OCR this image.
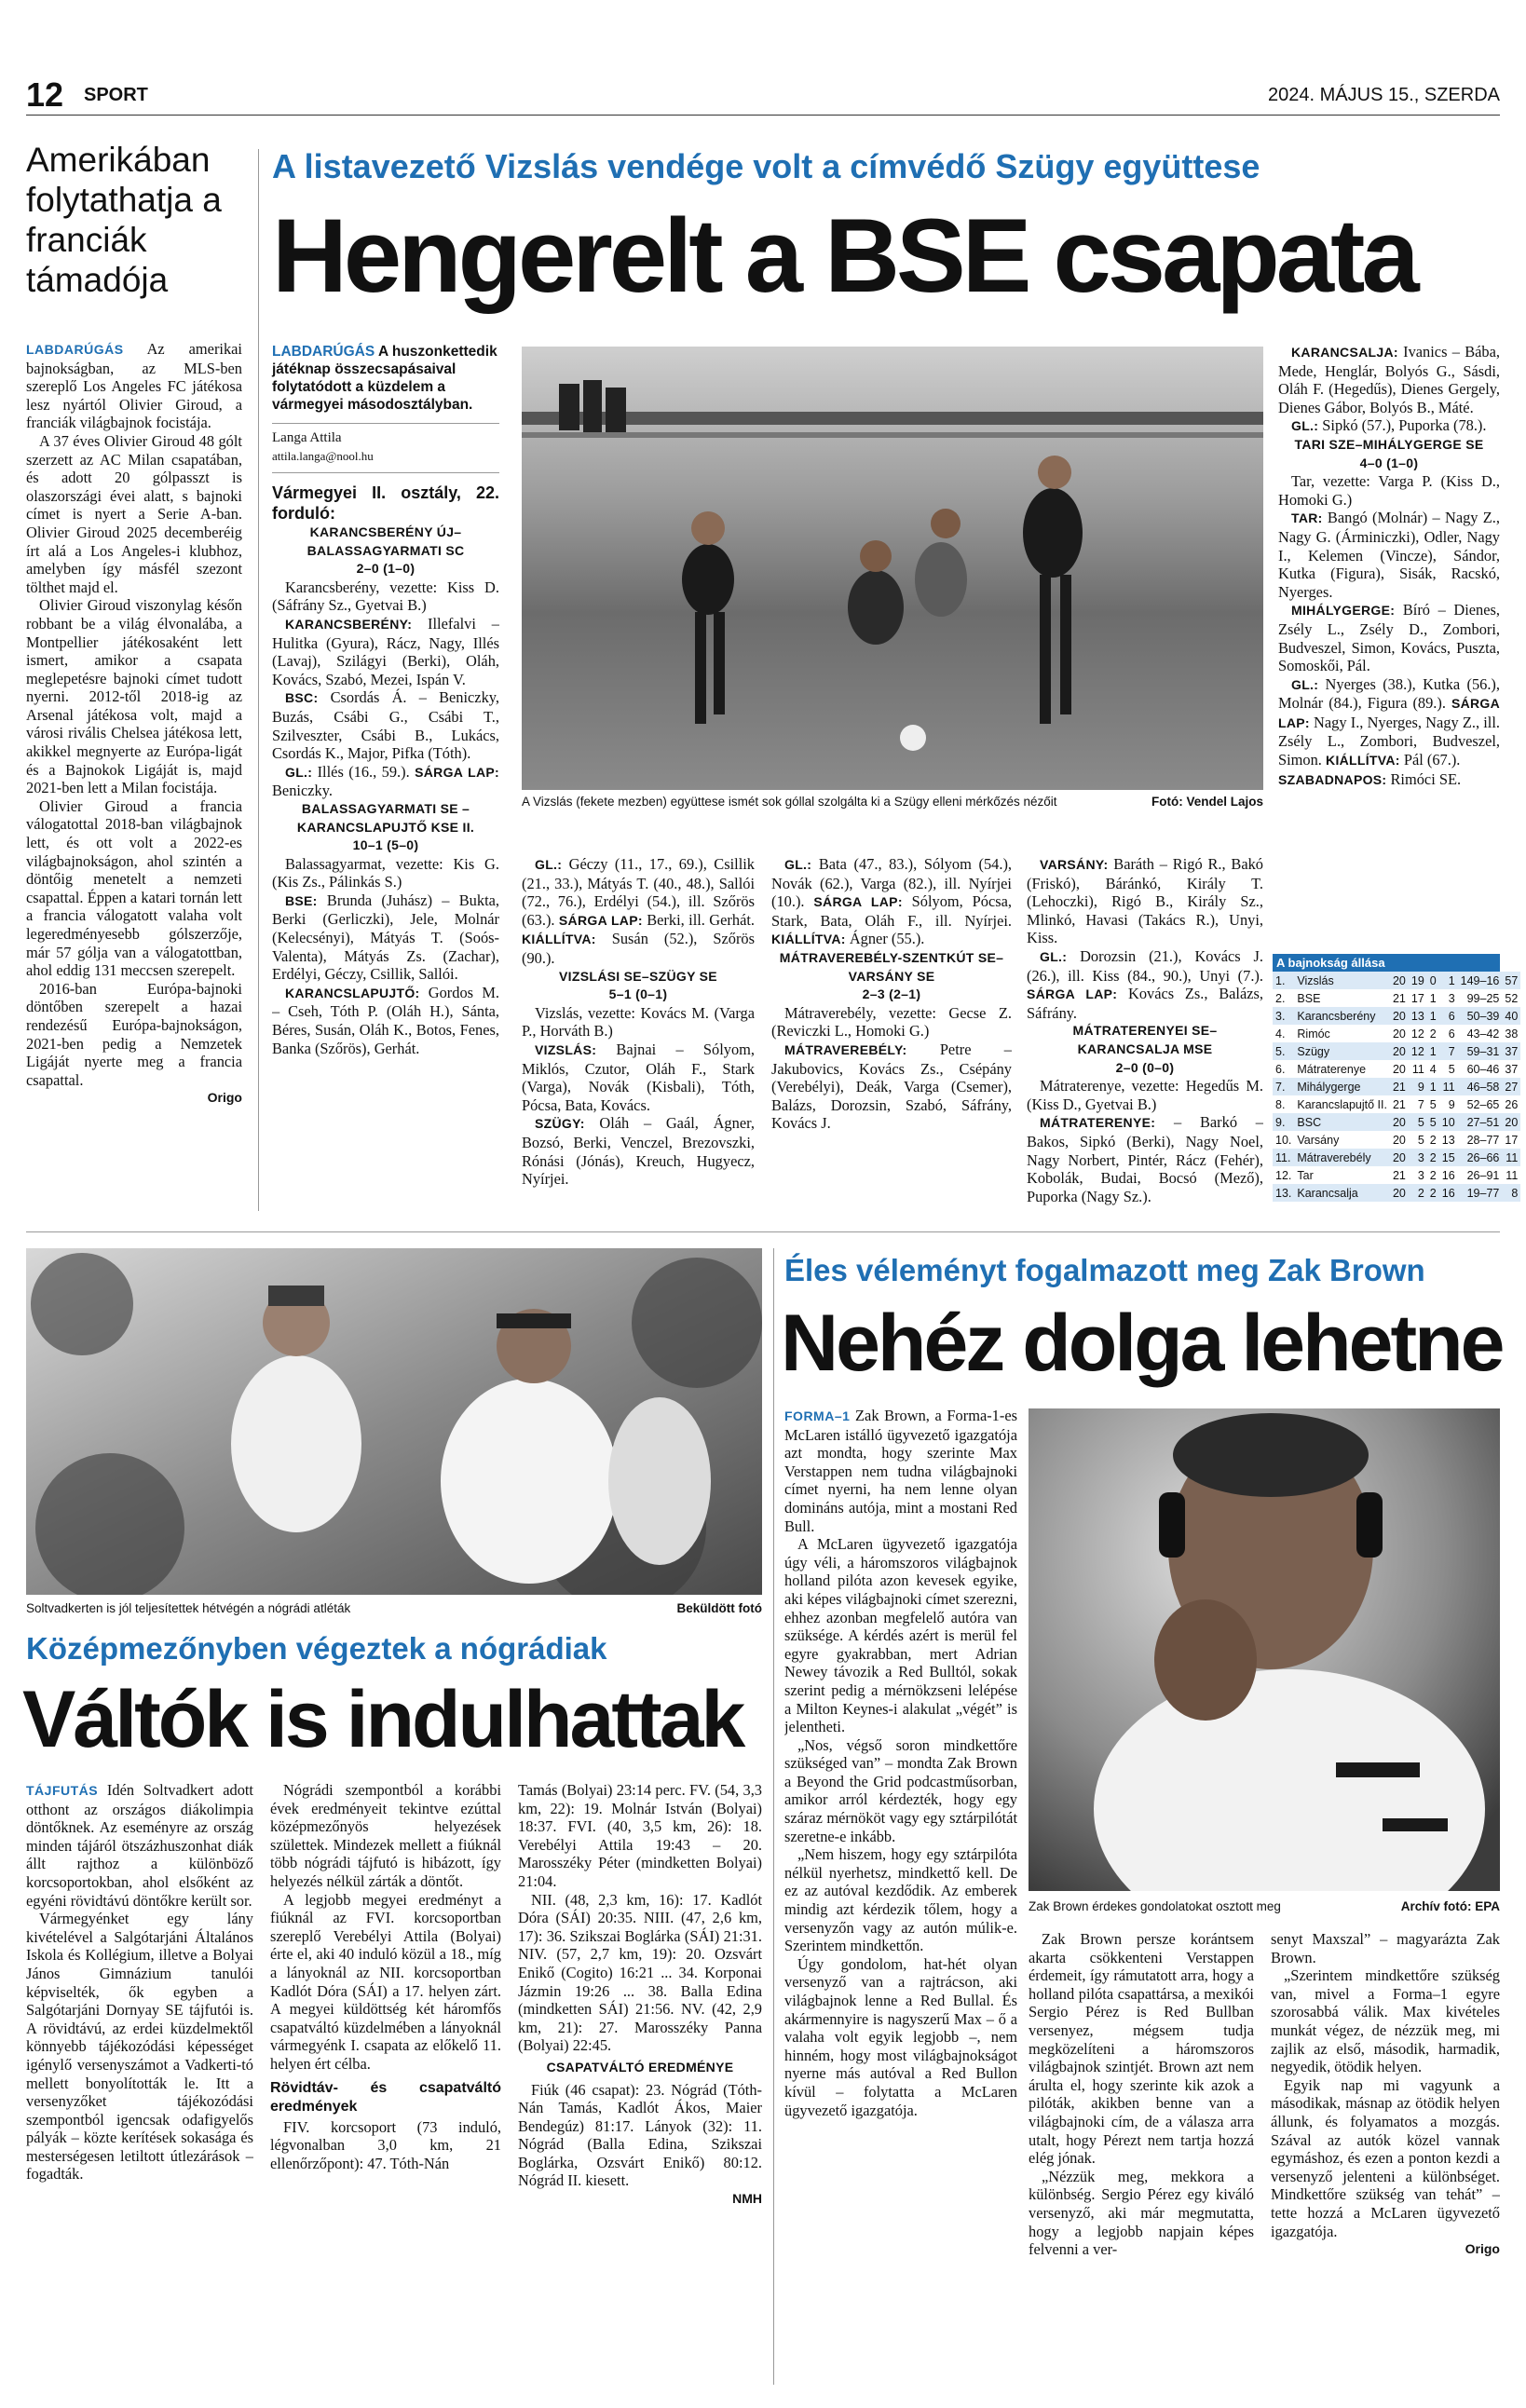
12 SPORT	2024. MÁJUS 15., SZERDA
Amerikában folytathatja a franciák támadója

LABDARÚGÁS Az amerikai bajnokságban, az MLS-ben szereplő Los Angeles FC játékosa lesz nyártól Olivier Giroud, a franciák világbajnok focistája.

A 37 éves Olivier Giroud 48 gólt szerzett az AC Milan csapatában, és adott 20 gólpasszt is olaszországi évei alatt, s bajnoki címet is nyert a Serie A-ban. Olivier Giroud 2025 decemberéig írt alá a Los Angeles-i klubhoz, amelyben így másfél szezont tölthet majd el.

Olivier Giroud viszonylag későn robbant be a világ élvonalába, a Montpellier játékosaként lett ismert, amikor a csapata meglepetésre bajnoki címet tudott nyerni. 2012-től 2018-ig az Arsenal játékosa volt, majd a városi rivális Chelsea játékosa lett, akikkel megnyerte az Európa-ligát és a Bajnokok Ligáját is, majd 2021-ben lett a Milan focistája.

Olivier Giroud a francia válogatottal 2018-ban világbajnok lett, és ott volt a 2022-es világbajnokságon, ahol szintén a döntőig menetelt a nemzeti csapattal. Éppen a katari tornán lett a francia válogatott valaha volt legeredményesebb gólszerzője, már 57 gólja van a válogatottban, ahol eddig 131 meccsen szerepelt.

2016-ban Európa-bajnoki döntőben szerepelt a hazai rendezésű Európa-bajnokságon, 2021-ben pedig a Nemzetek Ligáját nyerte meg a francia csapattal.

Origo
A listavezető Vizslás vendége volt a címvédő Szügy együttese
Hengerelt a BSE csapata
LABDARÚGÁS A huszonkettedik játéknap összecsapásaival folytatódott a küzdelem a vármegyei másodosztályban.
Langa Attila
attila.langa@nool.hu
Vármegyei II. osztály, 22. forduló:
KARANCSBERÉNY ÚJ– BALASSAGYARMATI SC
2–0 (1–0)

Karancsberény, vezette: Kiss D. (Sáfrány Sz., Gyetvai B.)

KARANCSBERÉNY: Illefalvi – Hulitka (Gyura), Rácz, Nagy, Illés (Lavaj), Szilágyi (Berki), Oláh, Kovács, Szabó, Mezei, Ispán V.

BSC: Csordás Á. – Beniczky, Buzás, Csábi G., Csábi T., Szilveszter, Csábi B., Lukács, Csordás K., Major, Pifka (Tóth).

GL.: Illés (16., 59.). SÁRGA LAP: Beniczky.

BALASSAGYARMATI SE – KARANCSLAPUJTŐ KSE II.
10–1 (5–0)

Balassagyarmat, vezette: Kis G. (Kis Zs., Pálinkás S.)

BSE: Brunda (Juhász) – Bukta, Berki (Gerliczki), Jele, Molnár (Kelecsényi), Mátyás T. (Soós-Valenta), Mátyás Zs. (Zachar), Erdélyi, Géczy, Csillik, Sallói.

KARANCSLAPUJTŐ: Gordos M. – Cseh, Tóth P. (Oláh H.), Sánta, Béres, Susán, Oláh K., Botos, Fenes, Banka (Szőrös), Gerhát.

A Vizslás (fekete mezben) együttese ismét sok góllal szolgálta ki a Szügy elleni mérkőzés nézőit	Fotó: Vendel Lajos

GL.: Géczy (11., 17., 69.), Csillik (21., 33.), Mátyás T. (40., 48.), Sallói (72., 76.), Erdélyi (54.), ill. Szőrös (63.). SÁRGA LAP: Berki, ill. Gerhát. KIÁLLÍTVA: Susán (52.), Szőrös (90.).

VIZSLÁSI SE–SZÜGY SE
5–1 (0–1)

Vizslás, vezette: Kovács M. (Varga P., Horváth B.)

VIZSLÁS: Bajnai – Sólyom, Miklós, Czutor, Oláh F., Stark (Varga), Novák (Kisbali), Tóth, Pócsa, Bata, Kovács.

SZÜGY: Oláh – Gaál, Ágner, Bozsó, Berki, Venczel, Brezovszki, Rónási (Jónás), Kreuch, Hugyecz, Nyírjei.

GL.: Bata (47., 83.), Sólyom (54.), Novák (62.), Varga (82.), ill. Nyírjei (10.). SÁRGA LAP: Sólyom, Pócsa, Stark, Bata, Oláh F., ill. Nyírjei. KIÁLLÍTVA: Ágner (55.).

MÁTRAVEREBÉLY-SZENTKÚT SE–VARSÁNY SE
2–3 (2–1)

Mátraverebély, vezette: Gecse Z. (Reviczki L., Homoki G.)

MÁTRAVEREBÉLY: Petre – Jakubovics, Kovács Zs., Csépány (Verebélyi), Deák, Varga (Csemer), Balázs, Dorozsin, Szabó, Sáfrány, Kovács J.

VARSÁNY: Baráth – Rigó R., Bakó (Friskó), Báránkó, Király T. (Lehoczki), Rigó B., Király Sz., Mlinkó, Havasi (Takács R.), Unyi, Kiss.

GL.: Dorozsin (21.), Kovács J. (26.), ill. Kiss (84., 90.), Unyi (7.). SÁRGA LAP: Kovács Zs., Balázs, Sáfrány.

MÁTRATERENYEI SE– KARANCSALJA MSE
2–0 (0–0)

Mátraterenye, vezette: Hegedűs M. (Kiss D., Gyetvai B.)

MÁTRATERENYE: – Barkó – Bakos, Sipkó (Berki), Nagy Noel, Nagy Norbert, Pintér, Rácz (Fehér), Kobolák, Budai, Bocsó (Mező), Puporka (Nagy Sz.).

KARANCSALJA: Ivanics – Bába, Mede, Henglár, Bolyós G., Sásdi, Oláh F. (Hegedűs), Dienes Gergely, Dienes Gábor, Bolyós B., Máté.

GL.: Sipkó (57.), Puporka (78.).

TARI SZE–MIHÁLYGERGE SE
4–0 (1–0)

Tar, vezette: Varga P. (Kiss D., Homoki G.)

TAR: Bangó (Molnár) – Nagy Z., Nagy G. (Árminiczki), Odler, Nagy I., Kelemen (Vincze), Sándor, Kutka (Figura), Sisák, Racskó, Nyerges.

MIHÁLYGERGE: Bíró – Dienes, Zsély L., Zsély D., Zombori, Budveszel, Simon, Kovács, Puszta, Somoskői, Pál.

GL.: Nyerges (38.), Kutka (56.), Molnár (84.), Figura (89.). SÁRGA LAP: Nagy I., Nyerges, Nagy Z., ill. Zsély L., Zombori, Budveszel, Simon. KIÁLLÍTVA: Pál (67.).

SZABADNAPOS: Rimóci SE.

A bajnokság állása
1.	Vizslás	20	19	0	1	149–16	57
2.	BSE	21	17	1	3	99–25	52
3.	Karancsberény	20	13	1	6	50–39	40
4.	Rimóc	20	12	2	6	43–42	38
5.	Szügy	20	12	1	7	59–31	37
6.	Mátraterenye	20	11	4	5	60–46	37
7.	Mihálygerge	21	9	1	11	46–58	27
8.	Karancslapujtő II.	21	7	5	9	52–65	26
9.	BSC	20	5	5	10	27–51	20
10.	Varsány	20	5	2	13	28–77	17
11.	Mátraverebély	20	3	2	15	26–66	11
12.	Tar	21	3	2	16	26–91	11
13.	Karancsalja	20	2	2	16	19–77	8
Soltvadkerten is jól teljesítettek hétvégén a nógrádi atléták	Beküldött fotó
Középmezőnyben végeztek a nógrádiak
Váltók is indulhattak

TÁJFUTÁS Idén Soltvadkert adott otthont az országos diákolimpia döntőknek. Az eseményre az ország minden tájáról ötszázhuszonhat diák állt rajthoz a különböző korcsoportokban, ahol elsőként az egyéni rövidtávú döntőkre került sor.

Vármegyénket egy lány kivételével a Salgótarjáni Általános Iskola és Kollégium, illetve a Bolyai János Gimnázium tanulói képviselték, ők egyben a Salgótarjáni Dornyay SE tájfutói is. A rövidtávú, az erdei küzdelmektől könnyebb tájékozódási képességet igénylő versenyszámot a Vadkerti-tó mellett bonyolították le. Itt a versenyzőket tájékozódási szempontból igencsak odafigyelős pályák – közte kerítések sokasága és mesterségesen letiltott útlezárások – fogadták.

Nógrádi szempontból a korábbi évek eredményeit tekintve ezúttal középmezőnyös helyezések születtek. Mindezek mellett a fiúknál több nógrádi tájfutó is hibázott, így helyezés nélkül zárták a döntőt.

A legjobb megyei eredményt a fiúknál az FVI. korcsoportban szereplő Verebélyi Attila (Bolyai) érte el, aki 40 induló közül a 18., míg a lányoknál az NII. korcsoportban Kadlót Dóra (SÁI) a 17. helyen zárt. A megyei küldöttség két háromfős csapatváltó küzdelmében a lányoknál vármegyénk I. csapata az előkelő 11. helyen ért célba.

Rövidtáv- és csapatváltó eredmények

FIV. korcsoport (73 induló, légvonalban 3,0 km, 21 ellenőrzőpont): 47. Tóth-Nán

Tamás (Bolyai) 23:14 perc. FV. (54, 3,3 km, 22): 19. Molnár István (Bolyai) 18:37. FVI. (40, 3,5 km, 26): 18. Verebélyi Attila 19:43 – 20. Marosszéky Péter (mindketten Bolyai) 21:04.

NII. (48, 2,3 km, 16): 17. Kadlót Dóra (SÁI) 20:35. NIII. (47, 2,6 km, 17): 36. Szikszai Boglárka (SÁI) 21:31. NIV. (57, 2,7 km, 19): 20. Ozsvárt Enikő (Cogito) 16:21 ... 34. Korponai Jázmin 19:26 ... 38. Balla Edina (mindketten SÁI) 21:56. NV. (42, 2,9 km, 21): 27. Marosszéky Panna (Bolyai) 22:45.

CSAPATVÁLTÓ EREDMÉNYE

Fiúk (46 csapat): 23. Nógrád (Tóth-Nán Tamás, Kadlót Ákos, Maier Bendegúz) 81:17. Lányok (32): 11. Nógrád (Balla Edina, Szikszai Boglárka, Ozsvárt Enikő) 80:12. Nógrád II. kiesett.

NMH
Éles véleményt fogalmazott meg Zak Brown
Nehéz dolga lehetne

FORMA–1 Zak Brown, a Forma-1-es McLaren istálló ügyvezető igazgatója azt mondta, hogy szerinte Max Verstappen nem tudna világbajnoki címet nyerni, ha nem lenne olyan domináns autója, mint a mostani Red Bull.

A McLaren ügyvezető igazgatója úgy véli, a háromszoros világbajnok holland pilóta azon kevesek egyike, aki képes világbajnoki címet szerezni, ehhez azonban megfelelő autóra van szüksége. A kérdés azért is merül fel egyre gyakrabban, mert Adrian Newey távozik a Red Bulltól, sokak szerint pedig a mérnökzseni lelépése a Milton Keynes-i alakulat „végét” is jelentheti.

„Nos, végső soron mindkettőre szükséged van” – mondta Zak Brown a Beyond the Grid podcastműsorban, amikor arról kérdezték, hogy egy száraz mérnököt vagy egy sztárpilótát szeretne-e inkább.

„Nem hiszem, hogy egy sztárpilóta nélkül nyerhetsz, mindkettő kell. De ez az autóval kezdődik. Az emberek mindig azt kérdezik tőlem, hogy a versenyzőn vagy az autón múlik-e. Szerintem mindkettőn.

Úgy gondolom, hat-hét olyan versenyző van a rajtrácson, aki világbajnok lenne a Red Bullal. És akármennyire is nagyszerű Max – ő a valaha volt egyik legjobb –, nem hinném, hogy most világbajnokságot nyerne más autóval a Red Bullon kívül – folytatta a McLaren ügyvezető igazgatója.

Zak Brown érdekes gondolatokat osztott meg	Archív fotó: EPA

Zak Brown persze korántsem akarta csökkenteni Verstappen érdemeit, így rámutatott arra, hogy a holland pilóta csapattársa, a mexikói Sergio Pérez is Red Bullban versenyez, mégsem tudja megközelíteni a háromszoros világbajnok szintjét. Brown azt nem árulta el, hogy szerinte kik azok a pilóták, akikben benne van a világbajnoki cím, de a válasza arra utalt, hogy Pérezt nem tartja hozzá elég jónak.

„Nézzük meg, mekkora a különbség. Sergio Pérez egy kiváló versenyző, aki már megmutatta, hogy a legjobb napjain képes felvenni a ver-

senyt Maxszal” – magyarázta Zak Brown.

„Szerintem mindkettőre szükség van, mivel a Forma–1 egyre szorosabbá válik. Max kivételes munkát végez, de nézzük meg, mi zajlik az első, második, harmadik, negyedik, ötödik helyen.

Egyik nap mi vagyunk a másodikak, másnap az ötödik helyen állunk, és folyamatos a mozgás. Szával az autók közel vannak egymáshoz, és ezen a ponton kezdi a versenyző jelenteni a különbséget. Mindkettőre szükség van tehát” – tette hozzá a McLaren ügyvezető igazgatója.

Origo
